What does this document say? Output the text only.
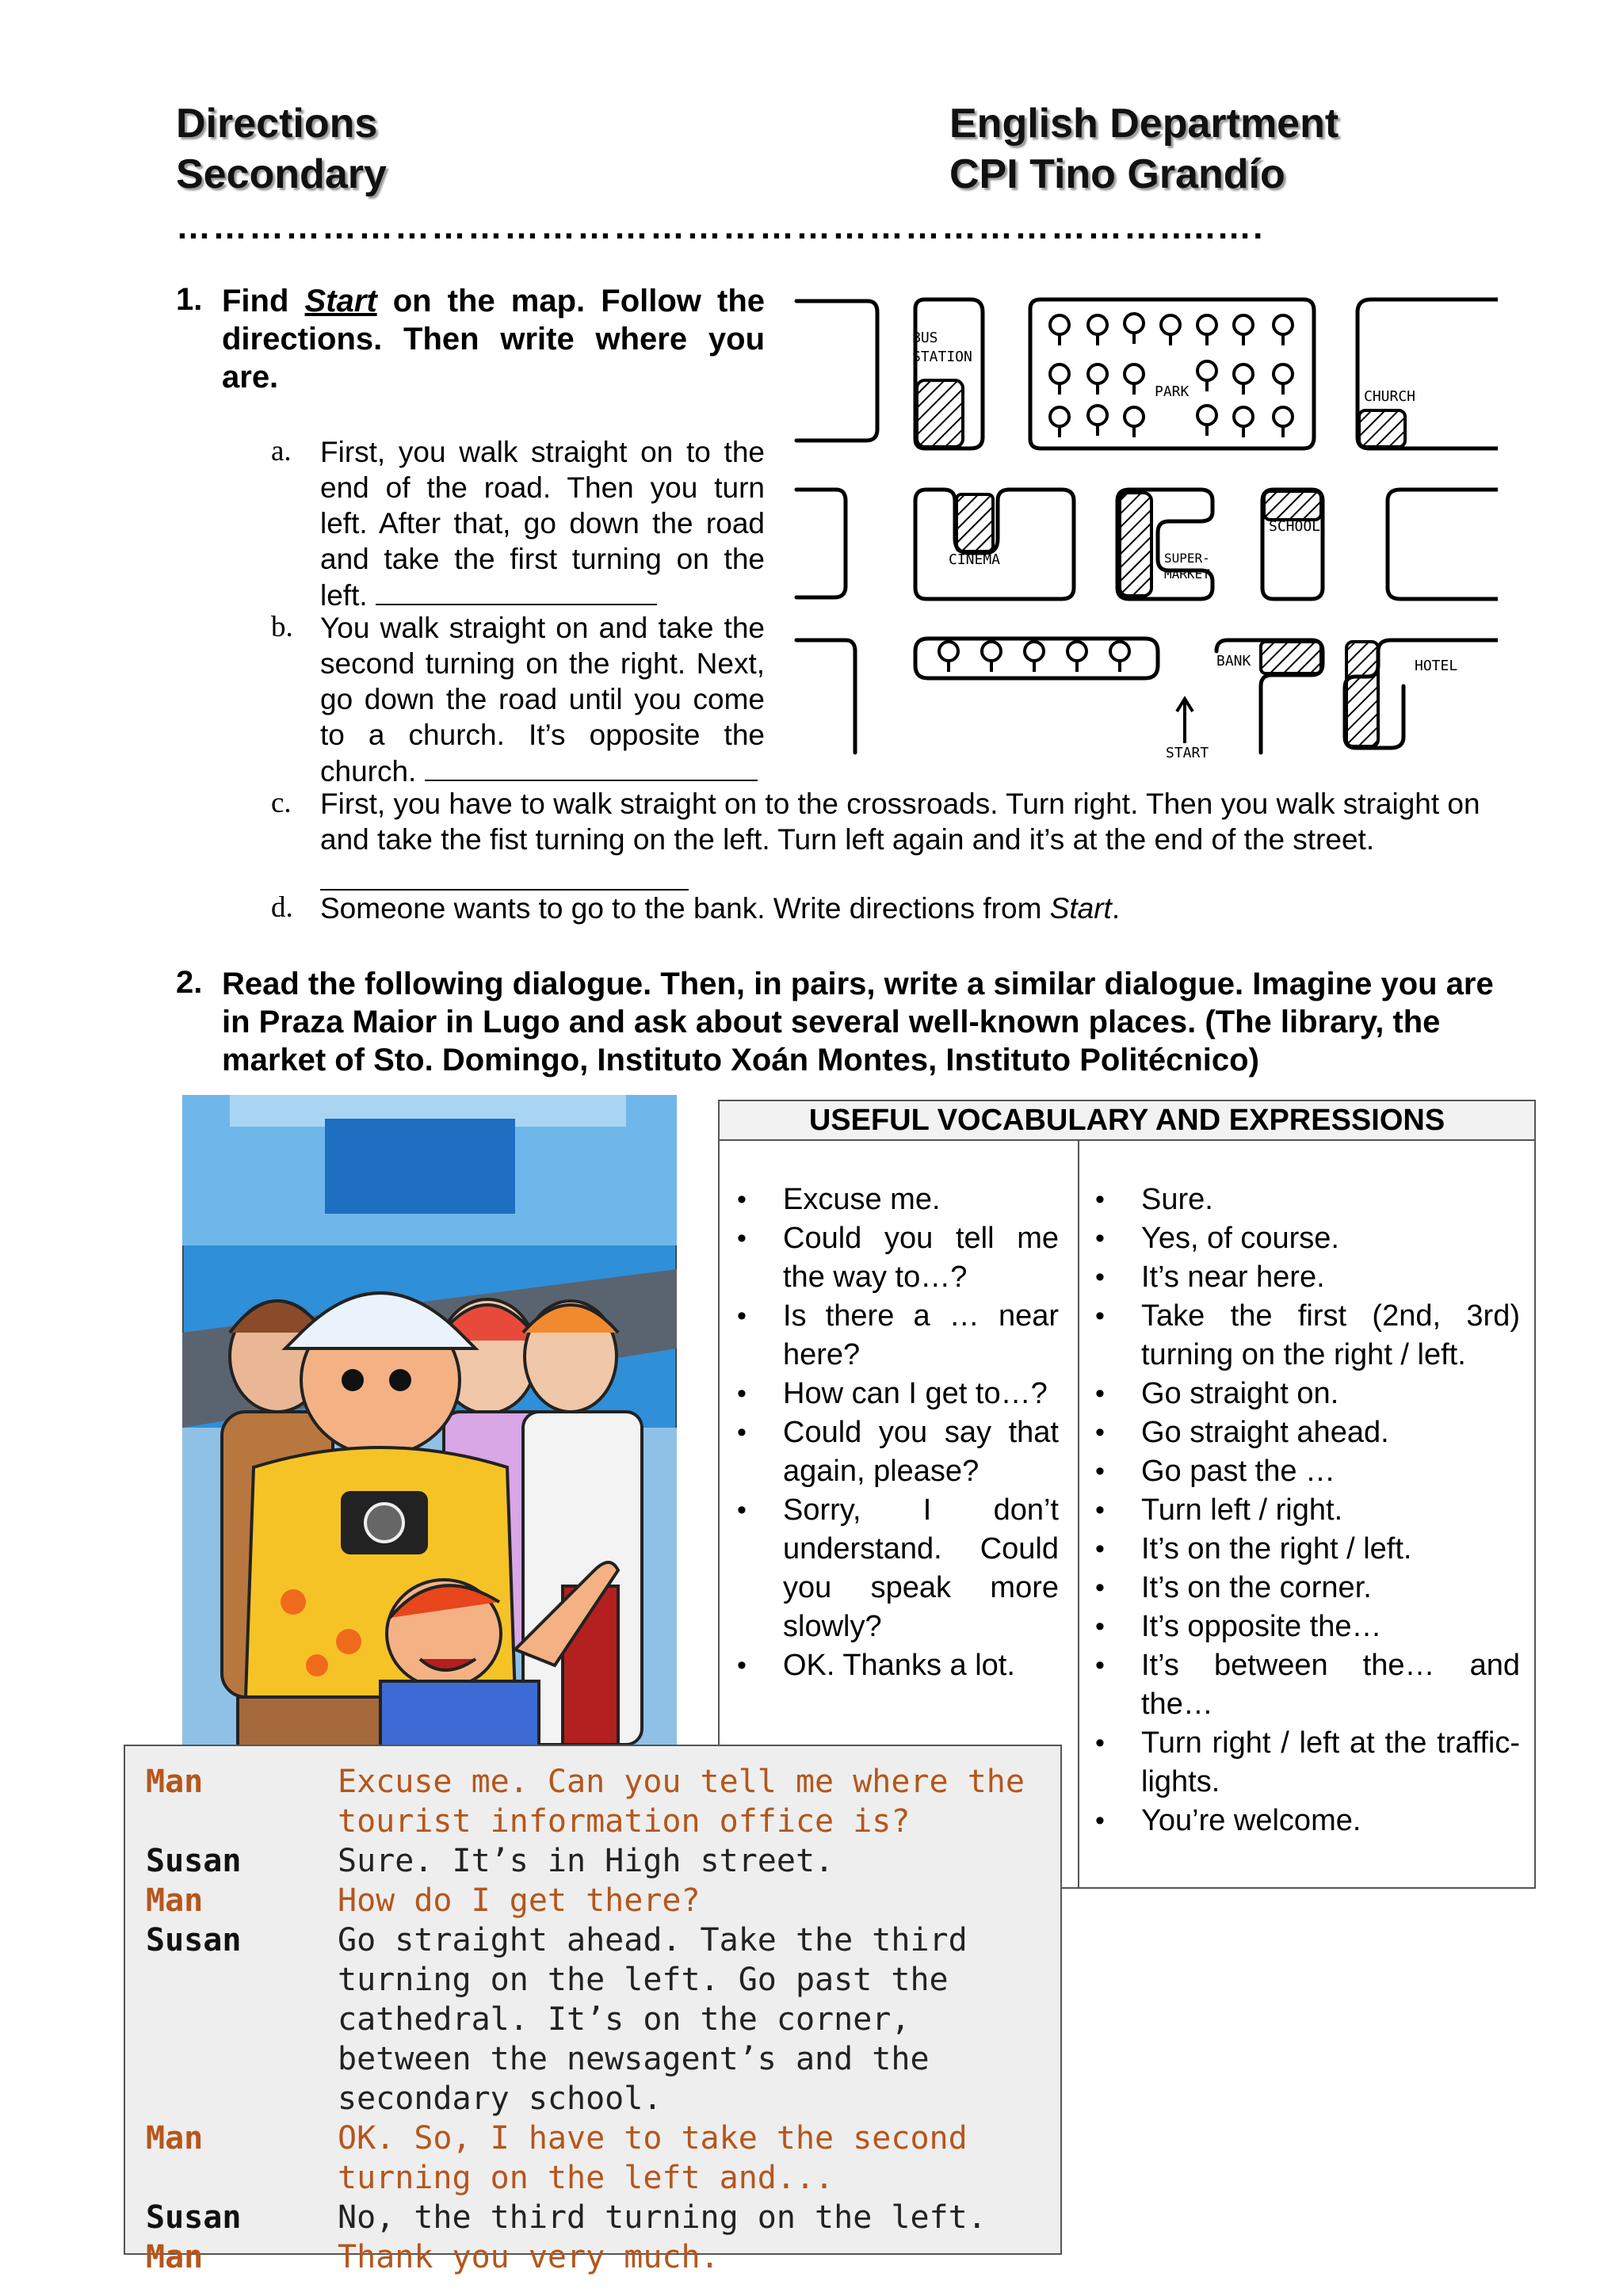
Directions
Secondary
English Department
CPI Tino Grandío
……………………………………………………………………….....….
1. Find Start on the map. Follow the directions. Then write where you are.
a. First, you walk straight on to the end of the road. Then you turn left. After that, go down the road and take the first turning on the left.
b. You walk straight on and take the second turning on the right. Next, go down the road until you come to a church. It’s opposite the church.
c. First, you have to walk straight on to the crossroads. Turn right. Then you walk straight on and take the fist turning on the left. Turn left again and it’s at the end of the street.
d. Someone wants to go to the bank. Write directions from Start.
BUS
STATION
PARK	CHURCH
CINEMA
SCHOOL
SUPER-
MARKET
BANK	HOTEL
START
2. Read the following dialogue. Then, in pairs, write a similar dialogue. Imagine you are in Praza Maior in Lugo and ask about several well-known places. (The library, the market of Sto. Domingo, Instituto Xoán Montes, Instituto Politécnico)
USEFUL VOCABULARY AND EXPRESSIONS
• Excuse me.
• Could you tell me the way to…?
• Is there a … near here?
• How can I get to…?
• Could you say that again, please?
• Sorry, I don’t understand. Could you speak more slowly?
• OK. Thanks a lot.
• Sure.
• Yes, of course.
• It’s near here.
• Take the first (2nd, 3rd) turning on the right / left.
• Go straight on.
• Go straight ahead.
• Go past the …
• Turn left / right.
• It’s on the right / left.
• It’s on the corner.
• It’s opposite the…
• It’s between the… and the…
• Turn right / left at the traffic-lights.
• You’re welcome.
Man	Excuse me. Can you tell me where the tourist information office is?
Susan	Sure. It’s in High street.
Man	How do I get there?
Susan	Go straight ahead. Take the third turning on the left. Go past the cathedral. It’s on the corner, between the newsagent’s and the secondary school.
Man	OK. So, I have to take the second turning on the left and...
Susan	No, the third turning on the left.
Man	Thank you very much.
